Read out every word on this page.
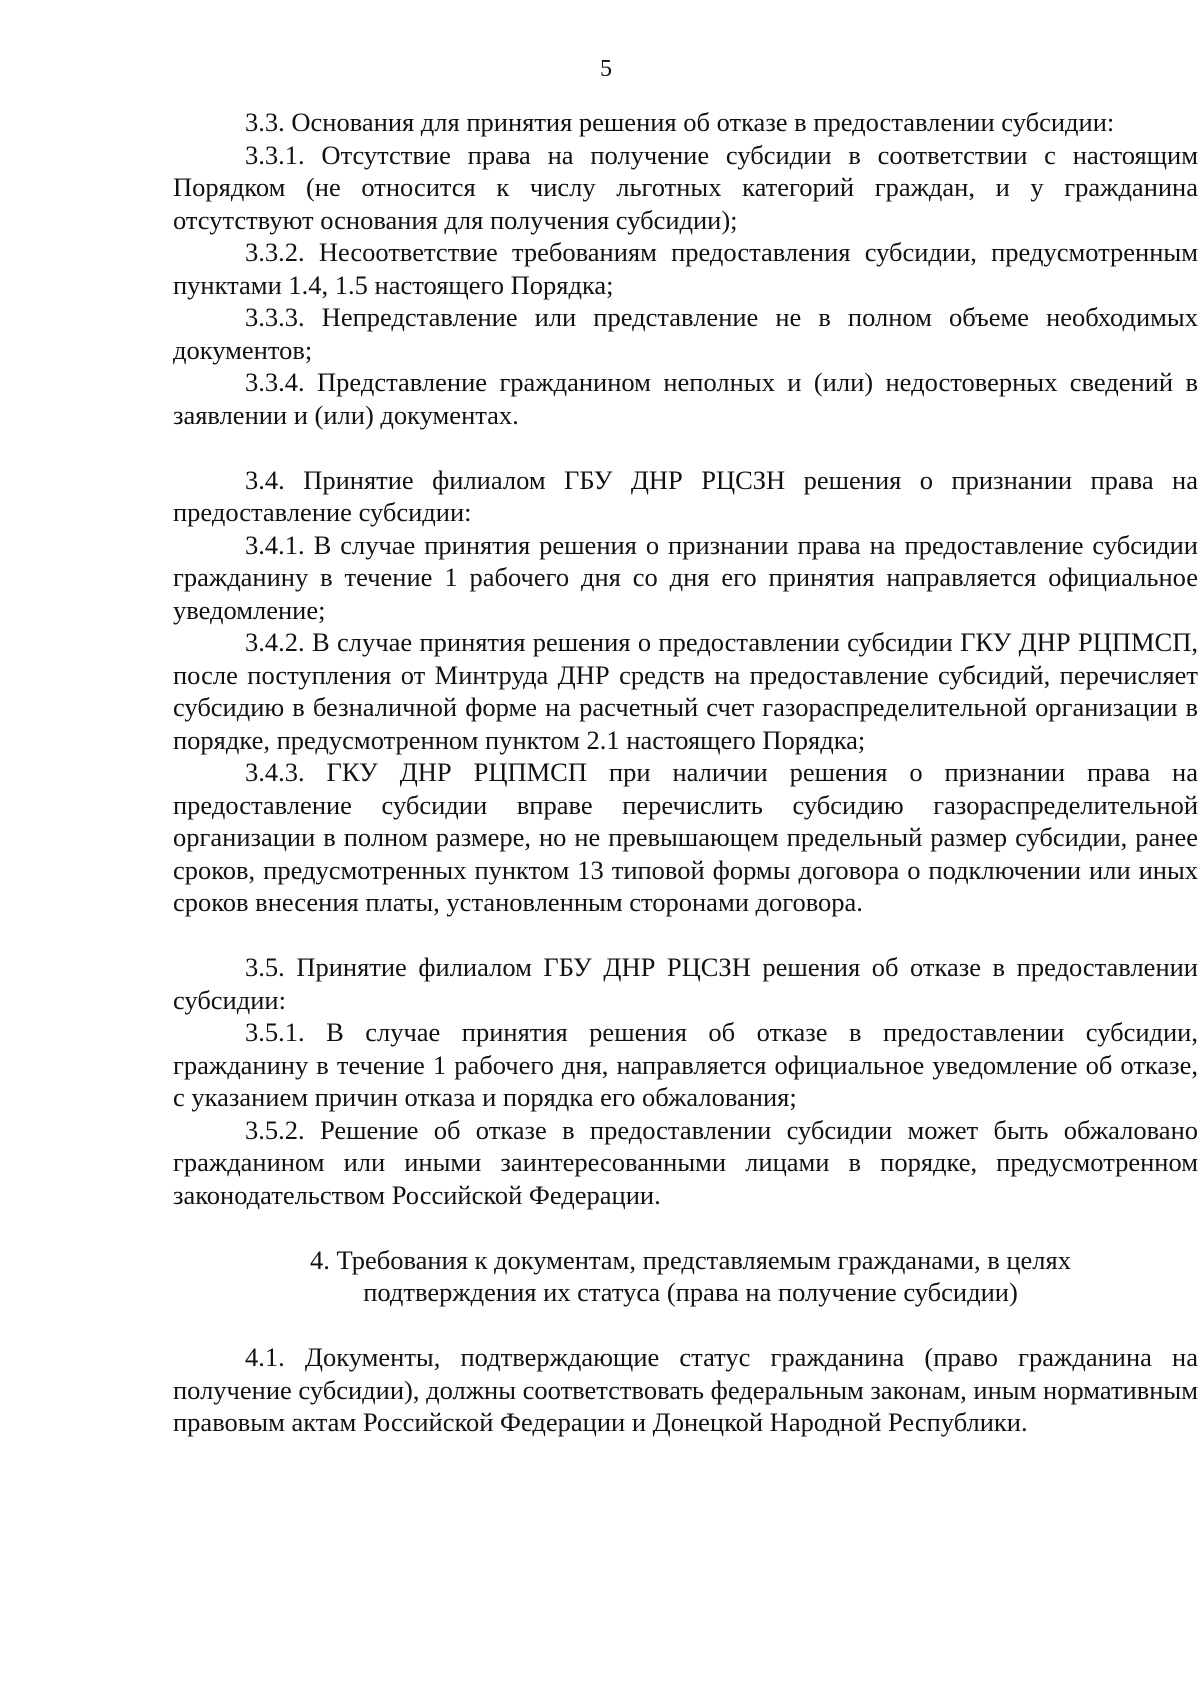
5

3.3. Основания для принятия решения об отказе в предоставлении субсидии:

3.3.1. Отсутствие права на получение субсидии в соответствии с настоящим Порядком (не относится к числу льготных категорий граждан, и у гражданина отсутствуют основания для получения субсидии);

3.3.2. Несоответствие требованиям предоставления субсидии, предусмотренным пунктами 1.4, 1.5 настоящего Порядка;

3.3.3. Непредставление или представление не в полном объеме необходимых документов;

3.3.4. Представление гражданином неполных и (или) недостоверных сведений в заявлении и (или) документах.

3.4. Принятие филиалом ГБУ ДНР РЦСЗН решения о признании права на предоставление субсидии:

3.4.1. В случае принятия решения о признании права на предоставление субсидии гражданину в течение 1 рабочего дня со дня его принятия направляется официальное уведомление;

3.4.2. В случае принятия решения о предоставлении субсидии ГКУ ДНР РЦПМСП, после поступления от Минтруда ДНР средств на предоставление субсидий, перечисляет субсидию в безналичной форме на расчетный счет газораспределительной организации в порядке, предусмотренном пунктом 2.1 настоящего Порядка;

3.4.3. ГКУ ДНР РЦПМСП при наличии решения о признании права на предоставление субсидии вправе перечислить субсидию газораспределительной организации в полном размере, но не превышающем предельный размер субсидии, ранее сроков, предусмотренных пунктом 13 типовой формы договора о подключении или иных сроков внесения платы, установленным сторонами договора.

3.5. Принятие филиалом ГБУ ДНР РЦСЗН решения об отказе в предоставлении субсидии:

3.5.1. В случае принятия решения об отказе в предоставлении субсидии, гражданину в течение 1 рабочего дня, направляется официальное уведомление об отказе, с указанием причин отказа и порядка его обжалования;

3.5.2. Решение об отказе в предоставлении субсидии может быть обжаловано гражданином или иными заинтересованными лицами в порядке, предусмотренном законодательством Российской Федерации.

4. Требования к документам, представляемым гражданами, в целях подтверждения их статуса (права на получение субсидии)

4.1. Документы, подтверждающие статус гражданина (право гражданина на получение субсидии), должны соответствовать федеральным законам, иным нормативным правовым актам Российской Федерации и Донецкой Народной Республики.
